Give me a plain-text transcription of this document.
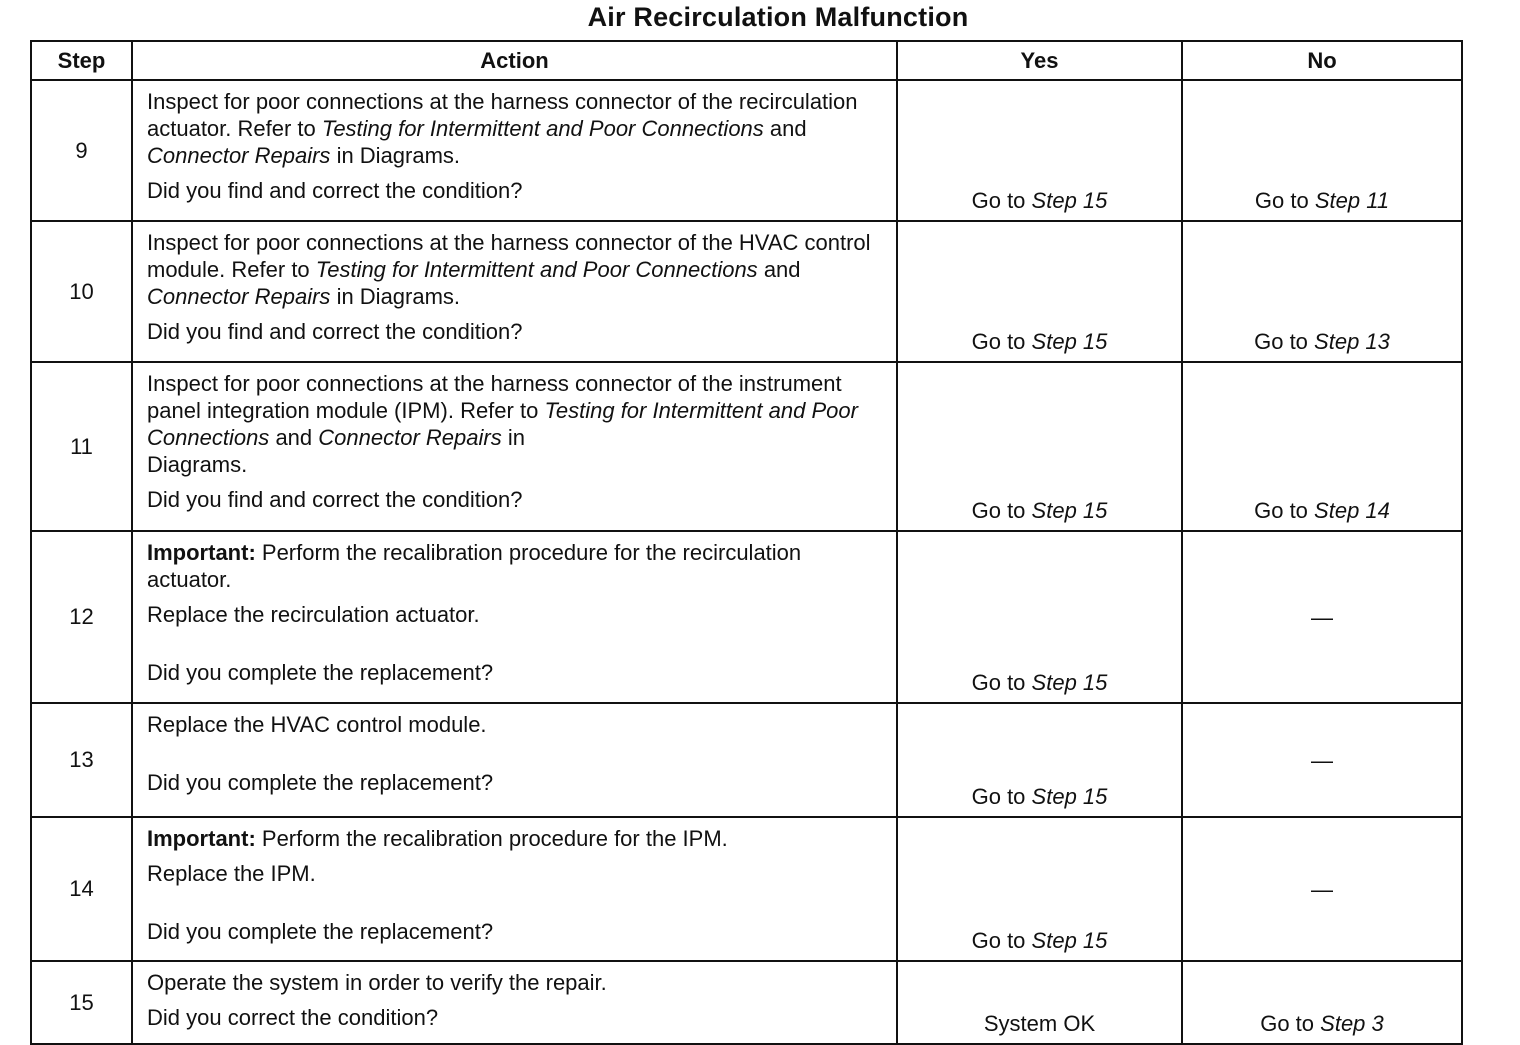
Air Recirculation Malfunction
Step	Action	Yes	No
9	Inspect for poor connections at the harness connector of the recirculation actuator. Refer to Testing for Intermittent and Poor Connections and Connector Repairs in Diagrams.

Did you find and correct the condition?	Go to Step 15	Go to Step 11
10	Inspect for poor connections at the harness connector of the HVAC control module. Refer to Testing for Intermittent and Poor Connections and Connector Repairs in Diagrams.

Did you find and correct the condition?	Go to Step 15	Go to Step 13
11	Inspect for poor connections at the harness connector of the instrument panel integration module (IPM). Refer to Testing for Intermittent and Poor Connections and Connector Repairs in
Diagrams.

Did you find and correct the condition?	Go to Step 15	Go to Step 14
12	Important: Perform the recalibration procedure for the recirculation actuator.

Replace the recirculation actuator.

Did you complete the replacement?	Go to Step 15	—
13	Replace the HVAC control module.

Did you complete the replacement?	Go to Step 15	—
14	Important: Perform the recalibration procedure for the IPM.

Replace the IPM.

Did you complete the replacement?	Go to Step 15	—
15	Operate the system in order to verify the repair.

Did you correct the condition?	System OK	Go to Step 3
